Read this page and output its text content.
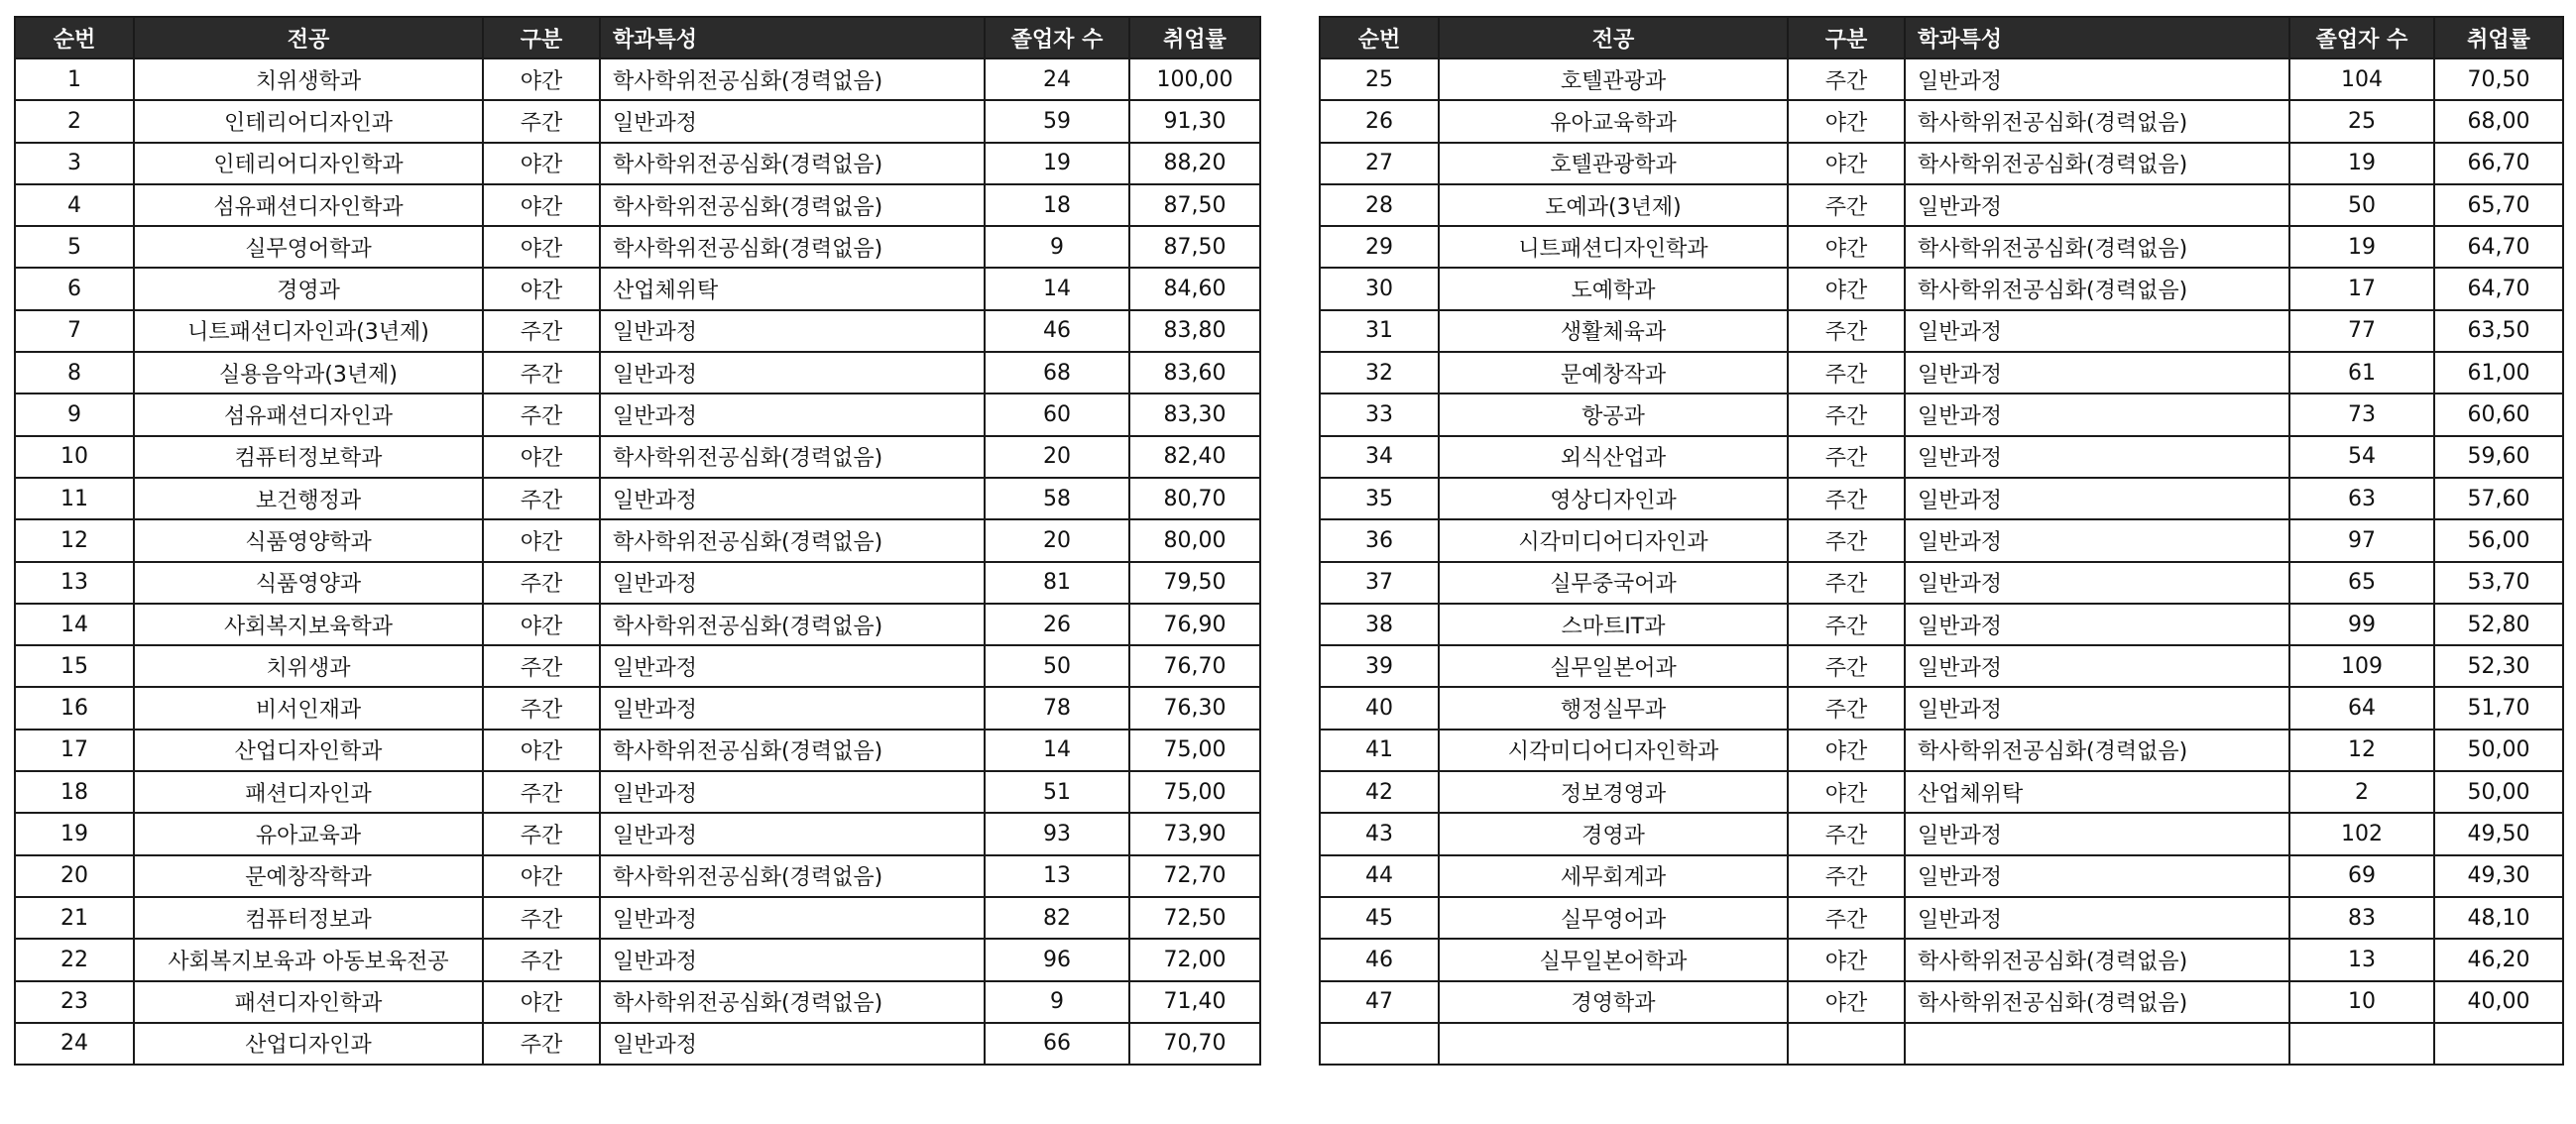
순번	전공	구분	학과특성	졸업자 수	취업률
1	치위생학과	야간	학사학위전공심화(경력없음)	24	100,00
2	인테리어디자인과	주간	일반과정	59	91,30
3	인테리어디자인학과	야간	학사학위전공심화(경력없음)	19	88,20
4	섬유패션디자인학과	야간	학사학위전공심화(경력없음)	18	87,50
5	실무영어학과	야간	학사학위전공심화(경력없음)	9	87,50
6	경영과	야간	산업체위탁	14	84,60
7	니트패션디자인과(3년제)	주간	일반과정	46	83,80
8	실용음악과(3년제)	주간	일반과정	68	83,60
9	섬유패션디자인과	주간	일반과정	60	83,30
10	컴퓨터정보학과	야간	학사학위전공심화(경력없음)	20	82,40
11	보건행정과	주간	일반과정	58	80,70
12	식품영양학과	야간	학사학위전공심화(경력없음)	20	80,00
13	식품영양과	주간	일반과정	81	79,50
14	사회복지보육학과	야간	학사학위전공심화(경력없음)	26	76,90
15	치위생과	주간	일반과정	50	76,70
16	비서인재과	주간	일반과정	78	76,30
17	산업디자인학과	야간	학사학위전공심화(경력없음)	14	75,00
18	패션디자인과	주간	일반과정	51	75,00
19	유아교육과	주간	일반과정	93	73,90
20	문예창작학과	야간	학사학위전공심화(경력없음)	13	72,70
21	컴퓨터정보과	주간	일반과정	82	72,50
22	사회복지보육과 아동보육전공	주간	일반과정	96	72,00
23	패션디자인학과	야간	학사학위전공심화(경력없음)	9	71,40
24	산업디자인과	주간	일반과정	66	70,70
순번	전공	구분	학과특성	졸업자 수	취업률
25	호텔관광과	주간	일반과정	104	70,50
26	유아교육학과	야간	학사학위전공심화(경력없음)	25	68,00
27	호텔관광학과	야간	학사학위전공심화(경력없음)	19	66,70
28	도예과(3년제)	주간	일반과정	50	65,70
29	니트패션디자인학과	야간	학사학위전공심화(경력없음)	19	64,70
30	도예학과	야간	학사학위전공심화(경력없음)	17	64,70
31	생활체육과	주간	일반과정	77	63,50
32	문예창작과	주간	일반과정	61	61,00
33	항공과	주간	일반과정	73	60,60
34	외식산업과	주간	일반과정	54	59,60
35	영상디자인과	주간	일반과정	63	57,60
36	시각미디어디자인과	주간	일반과정	97	56,00
37	실무중국어과	주간	일반과정	65	53,70
38	스마트IT과	주간	일반과정	99	52,80
39	실무일본어과	주간	일반과정	109	52,30
40	행정실무과	주간	일반과정	64	51,70
41	시각미디어디자인학과	야간	학사학위전공심화(경력없음)	12	50,00
42	정보경영과	야간	산업체위탁	2	50,00
43	경영과	주간	일반과정	102	49,50
44	세무회계과	주간	일반과정	69	49,30
45	실무영어과	주간	일반과정	83	48,10
46	실무일본어학과	야간	학사학위전공심화(경력없음)	13	46,20
47	경영학과	야간	학사학위전공심화(경력없음)	10	40,00
